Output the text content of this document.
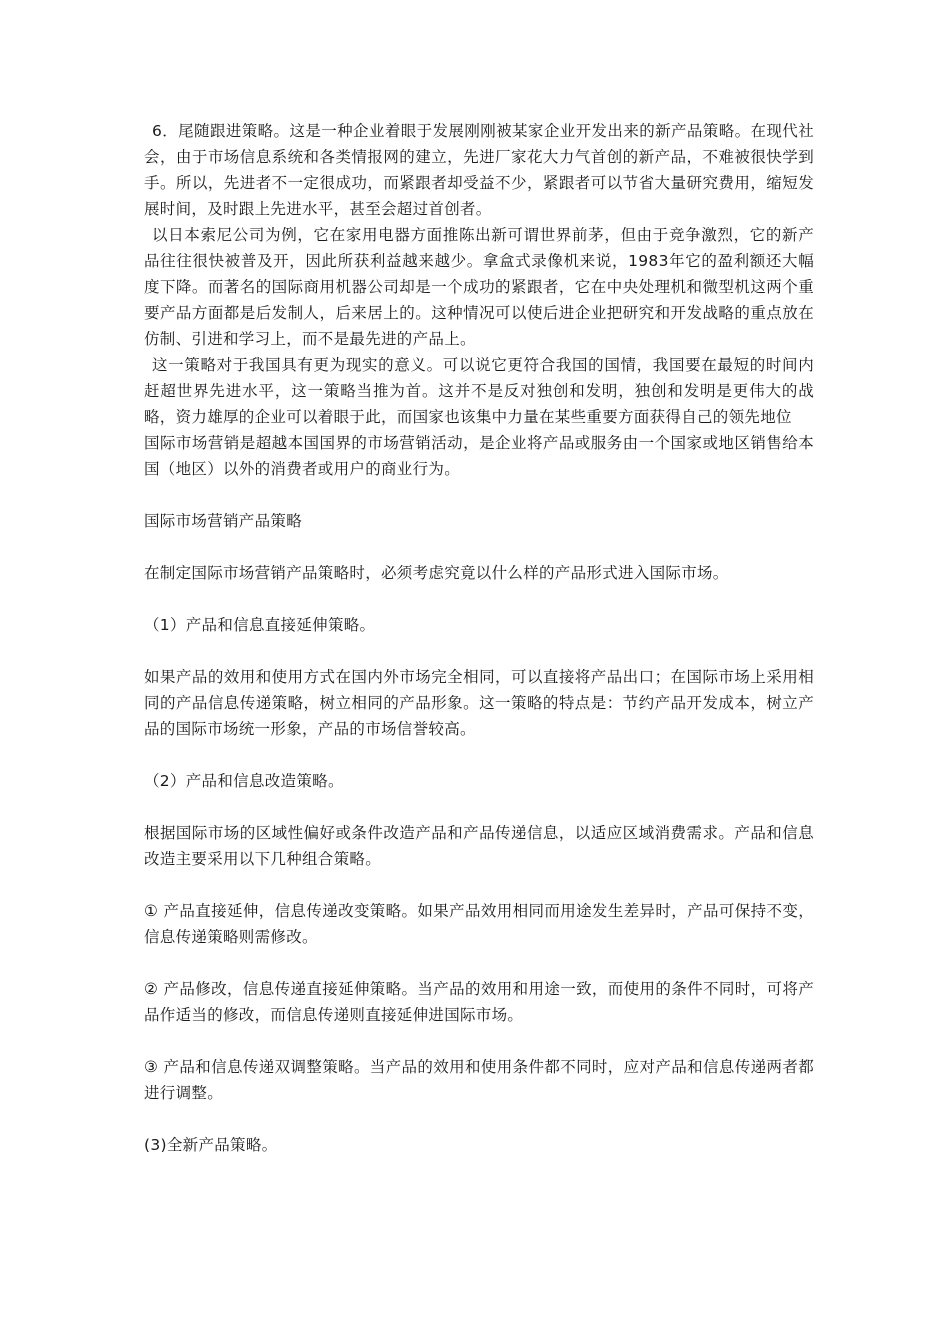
6．尾随跟进策略。这是一种企业着眼于发展刚刚被某家企业开发出来的新产品策略。在现代社会，由于市场信息系统和各类情报网的建立，先进厂家花大力气首创的新产品，不难被很快学到手。所以，先进者不一定很成功，而紧跟者却受益不少，紧跟者可以节省大量研究费用，缩短发展时间，及时跟上先进水平，甚至会超过首创者。

以日本索尼公司为例，它在家用电器方面推陈出新可谓世界前茅，但由于竞争激烈，它的新产品往往很快被普及开，因此所获利益越来越少。拿盒式录像机来说，1983年它的盈利额还大幅度下降。而著名的国际商用机器公司却是一个成功的紧跟者，它在中央处理机和微型机这两个重要产品方面都是后发制人，后来居上的。这种情况可以使后进企业把研究和开发战略的重点放在仿制、引进和学习上，而不是最先进的产品上。

这一策略对于我国具有更为现实的意义。可以说它更符合我国的国情，我国要在最短的时间内赶超世界先进水平，这一策略当推为首。这并不是反对独创和发明，独创和发明是更伟大的战略，资力雄厚的企业可以着眼于此，而国家也该集中力量在某些重要方面获得自己的领先地位

国际市场营销是超越本国国界的市场营销活动，是企业将产品或服务由一个国家或地区销售给本国（地区）以外的消费者或用户的商业行为。

国际市场营销产品策略

在制定国际市场营销产品策略时，必须考虑究竟以什么样的产品形式进入国际市场。

（1）产品和信息直接延伸策略。

如果产品的效用和使用方式在国内外市场完全相同，可以直接将产品出口；在国际市场上采用相同的产品信息传递策略，树立相同的产品形象。这一策略的特点是：节约产品开发成本，树立产品的国际市场统一形象，产品的市场信誉较高。

（2）产品和信息改造策略。

根据国际市场的区域性偏好或条件改造产品和产品传递信息，以适应区域消费需求。产品和信息改造主要采用以下几种组合策略。

① 产品直接延伸，信息传递改变策略。如果产品效用相同而用途发生差异时，产品可保持不变，信息传递策略则需修改。

② 产品修改，信息传递直接延伸策略。当产品的效用和用途一致，而使用的条件不同时，可将产品作适当的修改，而信息传递则直接延伸进国际市场。

③ 产品和信息传递双调整策略。当产品的效用和使用条件都不同时，应对产品和信息传递两者都进行调整。

(3)全新产品策略。
